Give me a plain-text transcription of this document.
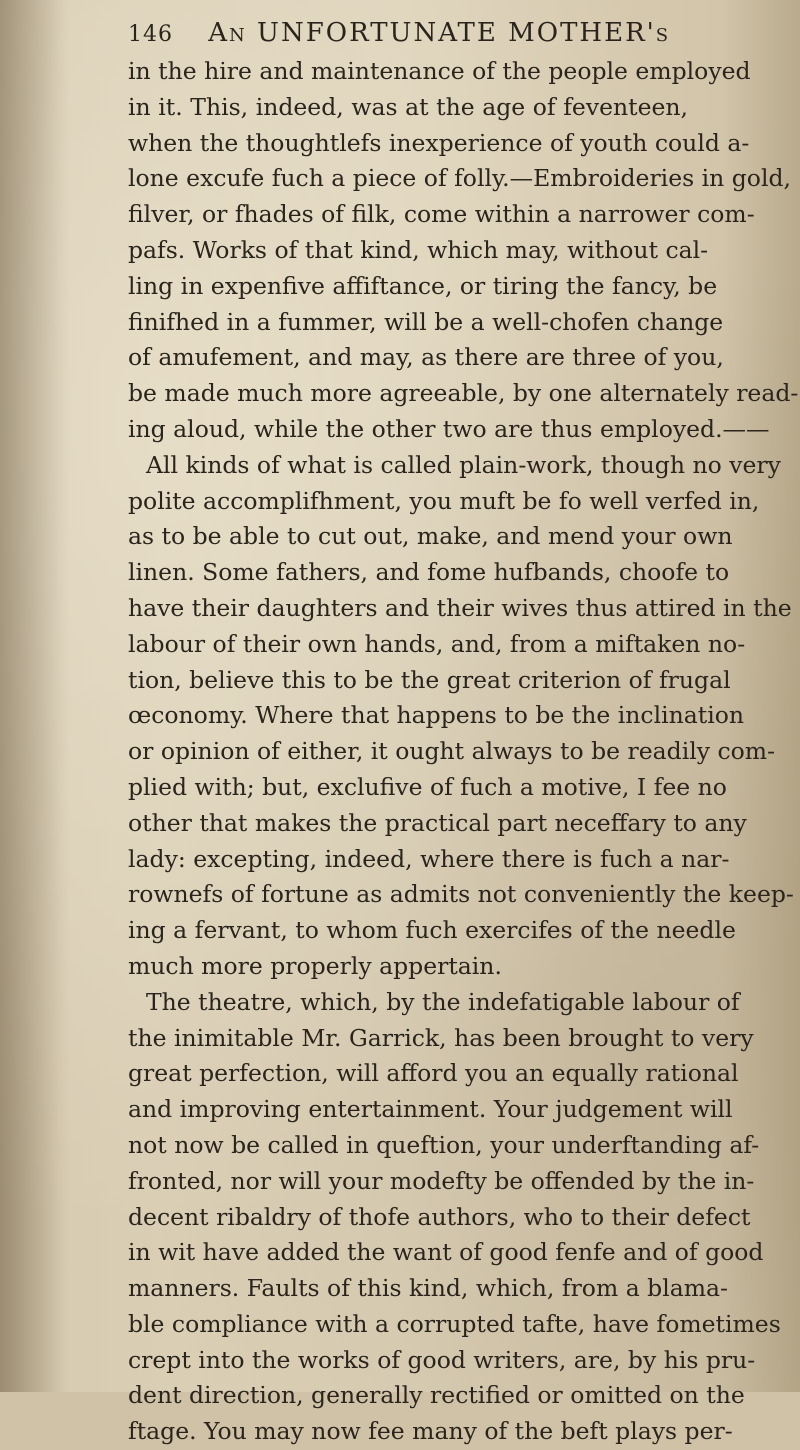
146 An UNFORTUNATE MOTHER's
in the hire and maintenance of the people employed
in it. This, indeed, was at the age of feventeen,
when the thoughtlefs inexperience of youth could a-
lone excufe fuch a piece of folly.—Embroideries in gold,
filver, or fhades of filk, come within a narrower com-
pafs. Works of that kind, which may, without cal-
ling in expenfive affiftance, or tiring the fancy, be
finifhed in a fummer, will be a well-chofen change
of amufement, and may, as there are three of you,
be made much more agreeable, by one alternately read-
ing aloud, while the other two are thus employed.——
All kinds of what is called plain-work, though no very
polite accomplifhment, you muft be fo well verfed in,
as to be able to cut out, make, and mend your own
linen. Some fathers, and fome hufbands, choofe to
have their daughters and their wives thus attired in the
labour of their own hands, and, from a miftaken no-
tion, believe this to be the great criterion of frugal
œconomy. Where that happens to be the inclination
or opinion of either, it ought always to be readily com-
plied with; but, exclufive of fuch a motive, I fee no
other that makes the practical part neceffary to any
lady: excepting, indeed, where there is fuch a nar-
rownefs of fortune as admits not conveniently the keep-
ing a fervant, to whom fuch exercifes of the needle
much more properly appertain.
The theatre, which, by the indefatigable labour of
the inimitable Mr. Garrick, has been brought to very
great perfection, will afford you an equally rational
and improving entertainment. Your judgement will
not now be called in queftion, your underftanding af-
fronted, nor will your modefty be offended by the in-
decent ribaldry of thofe authors, who to their defect
in wit have added the want of good fenfe and of good
manners. Faults of this kind, which, from a blama-
ble compliance with a corrupted tafte, have fometimes
crept into the works of good writers, are, by his pru-
dent direction, generally rectified or omitted on the
ftage. You may now fee many of the beft plays per-
